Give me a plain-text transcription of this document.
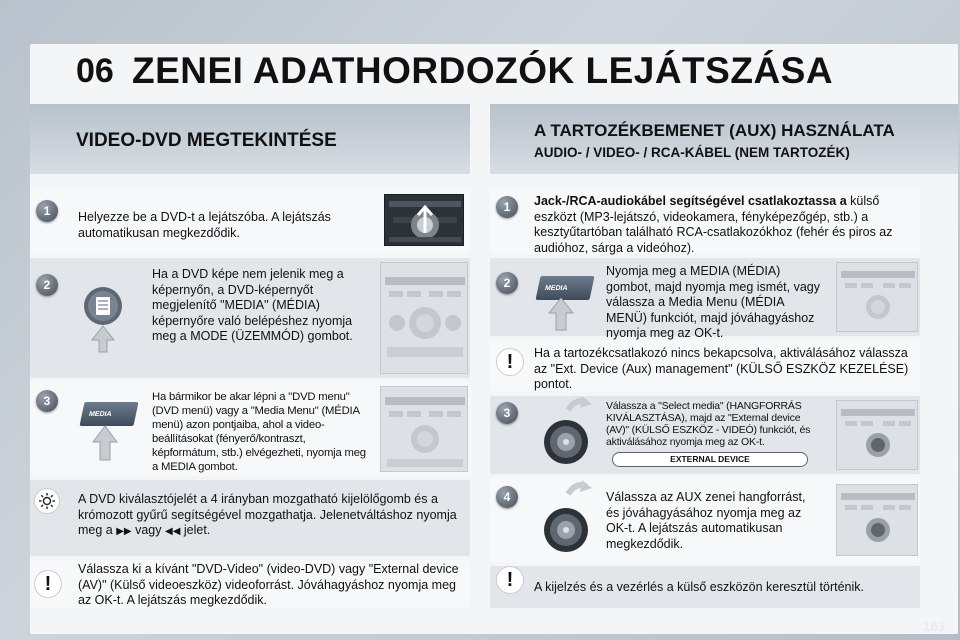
06 ZENEI ADATHORDOZÓK LEJÁTSZÁSA
VIDEO-DVD MEGTEKINTÉSE	A TARTOZÉKBEMENET (AUX) HASZNÁLATA
AUDIO- / VIDEO- / RCA-KÁBEL (NEM TARTOZÉK)
1	Helyezze be a DVD-t a lejátszóba. A lejátszás automatikusan megkezdődik.
2
Ha a DVD képe nem jelenik meg a képernyőn, a DVD-képernyőt megjelenítő "MEDIA" (MÉDIA) képernyőre való belépéshez nyomja meg a MODE (ÜZEMMÓD) gombot.
3
MEDIA
Ha bármikor be akar lépni a "DVD menu" (DVD menü) vagy a "Media Menu" (MÉDIA menü) azon pontjaiba, ahol a video-beállításokat (fényerő/kontraszt, képformátum, stb.) elvégezheti, nyomja meg a MEDIA gombot.
A DVD kiválasztójelét a 4 irányban mozgatható kijelölőgomb és a krómozott gyűrű segítségével mozgathatja. Jelenetváltáshoz nyomja meg a ▶▶ vagy ◀◀ jelet.
!
Válassza ki a kívánt "DVD-Video" (video-DVD) vagy "External device (AV)" (Külső videoeszköz) videoforrást. Jóváhagyáshoz nyomja meg az OK-t. A lejátszás megkezdődik.
1	Jack-/RCA-audiokábel segítségével csatlakoztassa a külső eszközt (MP3-lejátszó, videokamera, fényképezőgép, stb.) a kesztyűtartóban található RCA-csatlakozókhoz (fehér és piros az audióhoz, sárga a videóhoz).
2	MEDIA
Nyomja meg a MEDIA (MÉDIA) gombot, majd nyomja meg ismét, vagy válassza a Media Menu (MÉDIA MENÜ) funkciót, majd jóváhagyáshoz nyomja meg az OK-t.
!	Ha a tartozékcsatlakozó nincs bekapcsolva, aktiválásához válassza az "Ext. Device (Aux) management" (KÜLSŐ ESZKÖZ KEZELÉSE) pontot.
3	Válassza a "Select media" (HANGFORRÁS KIVÁLASZTÁSA), majd az "External device (AV)" (KÜLSŐ ESZKÖZ - VIDEÓ) funkciót, és aktiválásához nyomja meg az OK-t.
EXTERNAL DEVICE
4	Válassza az AUX zenei hangforrást, és jóváhagyásához nyomja meg az OK-t. A lejátszás automatikusan megkezdődik.
!	A kijelzés és a vezérlés a külső eszközön keresztül történik.
161
